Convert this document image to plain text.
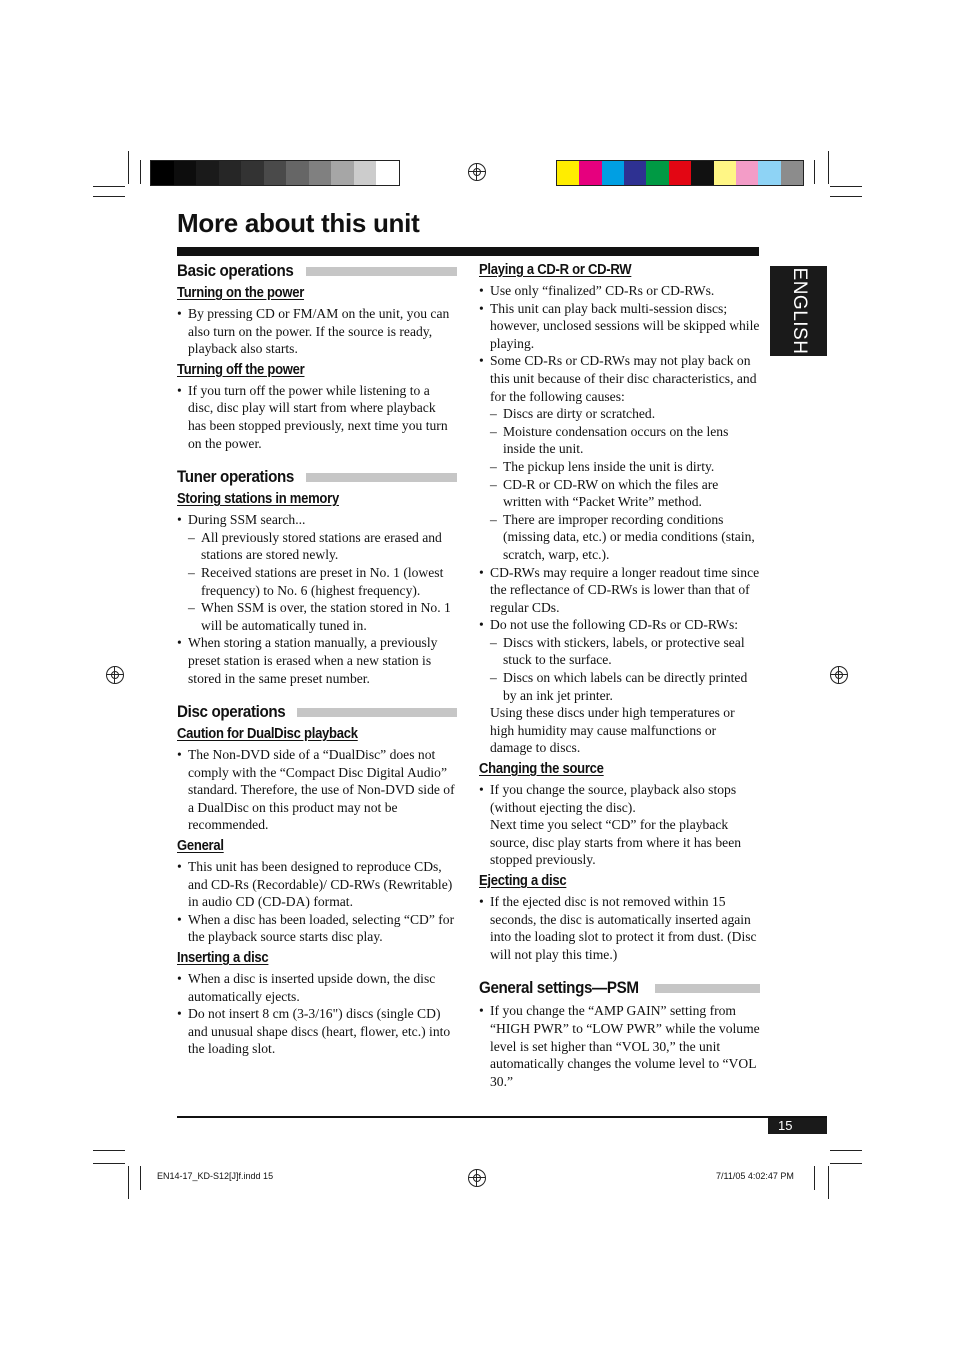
More about this unit
ENGLISH
Basic operations
Turning on the power
• By pressing CD or FM/AM on the unit, you can also turn on the power. If the source is ready, playback also starts.
Turning off the power
• If you turn off the power while listening to a disc, disc play will start from where playback has been stopped previously, next time you turn on the power.
Tuner operations
Storing stations in memory
• During SSM search...
– All previously stored stations are erased and stations are stored newly.
– Received stations are preset in No. 1 (lowest frequency) to No. 6 (highest frequency).
– When SSM is over, the station stored in No. 1 will be automatically tuned in.
• When storing a station manually, a previously preset station is erased when a new station is stored in the same preset number.
Disc operations
Caution for DualDisc playback
• The Non-DVD side of a “DualDisc” does not comply with the “Compact Disc Digital Audio” standard. Therefore, the use of Non-DVD side of a DualDisc on this product may not be recommended.
General
• This unit has been designed to reproduce CDs, and CD-Rs (Recordable)/ CD-RWs (Rewritable) in audio CD (CD-DA) format.
• When a disc has been loaded, selecting “CD” for the playback source starts disc play.
Inserting a disc
• When a disc is inserted upside down, the disc automatically ejects.
• Do not insert 8 cm (3-3/16") discs (single CD) and unusual shape discs (heart, flower, etc.) into the loading slot.
Playing a CD-R or CD-RW
• Use only “finalized” CD-Rs or CD-RWs.
• This unit can play back multi-session discs; however, unclosed sessions will be skipped while playing.
• Some CD-Rs or CD-RWs may not play back on this unit because of their disc characteristics, and for the following causes:
– Discs are dirty or scratched.
– Moisture condensation occurs on the lens inside the unit.
– The pickup lens inside the unit is dirty.
– CD-R or CD-RW on which the files are written with “Packet Write” method.
– There are improper recording conditions (missing data, etc.) or media conditions (stain, scratch, warp, etc.).
• CD-RWs may require a longer readout time since the reflectance of CD-RWs is lower than that of regular CDs.
• Do not use the following CD-Rs or CD-RWs:
– Discs with stickers, labels, or protective seal stuck to the surface.
– Discs on which labels can be directly printed by an ink jet printer.
Using these discs under high temperatures or high humidity may cause malfunctions or damage to discs.
Changing the source
• If you change the source, playback also stops (without ejecting the disc).
Next time you select “CD” for the playback source, disc play starts from where it has been stopped previously.
Ejecting a disc
• If the ejected disc is not removed within 15 seconds, the disc is automatically inserted again into the loading slot to protect it from dust. (Disc will not play this time.)
General settings—PSM
• If you change the “AMP GAIN” setting from “HIGH PWR” to “LOW PWR” while the volume level is set higher than “VOL 30,” the unit automatically changes the volume level to “VOL 30.”
15
EN14-17_KD-S12[J]f.indd 15	7/11/05 4:02:47 PM
